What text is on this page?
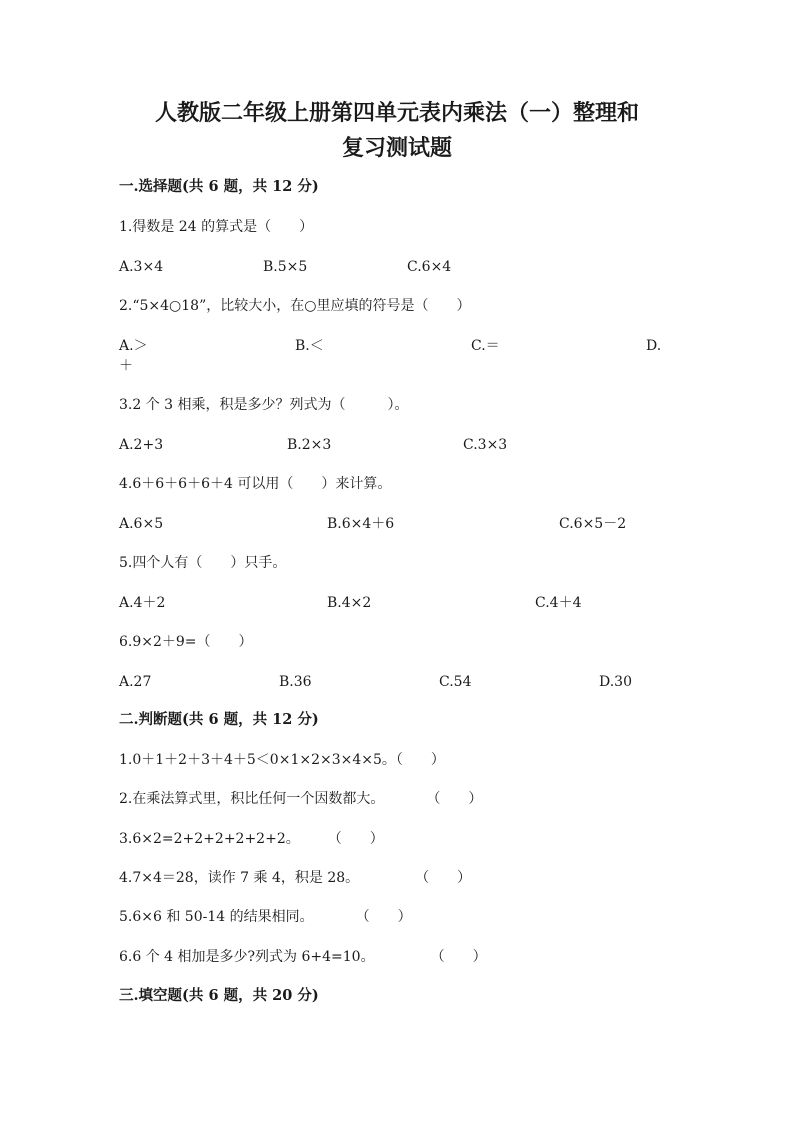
人教版二年级上册第四单元表内乘法（一）整理和
复习测试题
一.选择题(共 6 题，共 12 分)
1.得数是 24 的算式是（　　）
A.3×4	B.5×5	C.6×4
2.“5×4○18”，比较大小，在○里应填的符号是（　　）
A.＞	B.＜	C.＝	D.
＋
3.2 个 3 相乘，积是多少？列式为（　　　）。
A.2+3	B.2×3	C.3×3
4.6＋6＋6＋6＋4 可以用（　　）来计算。
A.6×5	B.6×4＋6	C.6×5－2
5.四个人有（　　）只手。
A.4＋2	B.4×2	C.4＋4
6.9×2＋9=（　　）
A.27	B.36	C.54	D.30
二.判断题(共 6 题，共 12 分)
1.0＋1＋2＋3＋4＋5＜0×1×2×3×4×5。（　　）
2.在乘法算式里，积比任何一个因数都大。　　　　（　　）
3.6×2=2+2+2+2+2+2。　　　（　　）
4.7×4＝28，读作 7 乘 4，积是 28。　　　　　（　　）
5.6×6 和 50-14 的结果相同。　　　　（　　）
6.6 个 4 相加是多少?列式为 6+4=10。　　　　　（　　）
三.填空题(共 6 题，共 20 分)
